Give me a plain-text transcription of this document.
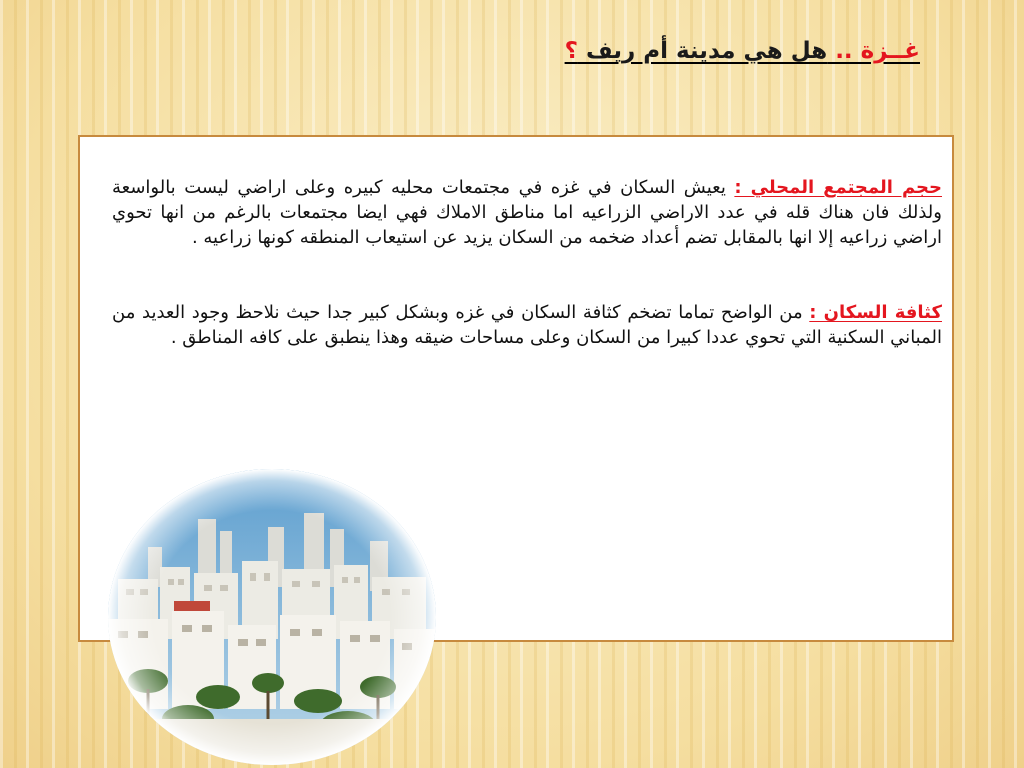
غــزة .. هل هي مدينة أم ريف ؟

حجم المجتمع المحلي : يعيش السكان في غزه في مجتمعات محليه كبيره وعلى اراضي ليست بالواسعة ولذلك فان هناك قله في عدد الاراضي الزراعيه اما مناطق الاملاك فهي ايضا مجتمعات بالرغم من انها تحوي اراضي زراعيه إلا انها بالمقابل تضم أعداد ضخمه من السكان يزيد عن استيعاب المنطقه كونها زراعيه .

كثافة السكان : من الواضح تماما تضخم كثافة السكان في غزه وبشكل كبير جدا حيث نلاحظ وجود العديد من المباني السكنية التي تحوي عددا كبيرا من السكان وعلى مساحات ضيقه وهذا ينطبق على كافه المناطق .
